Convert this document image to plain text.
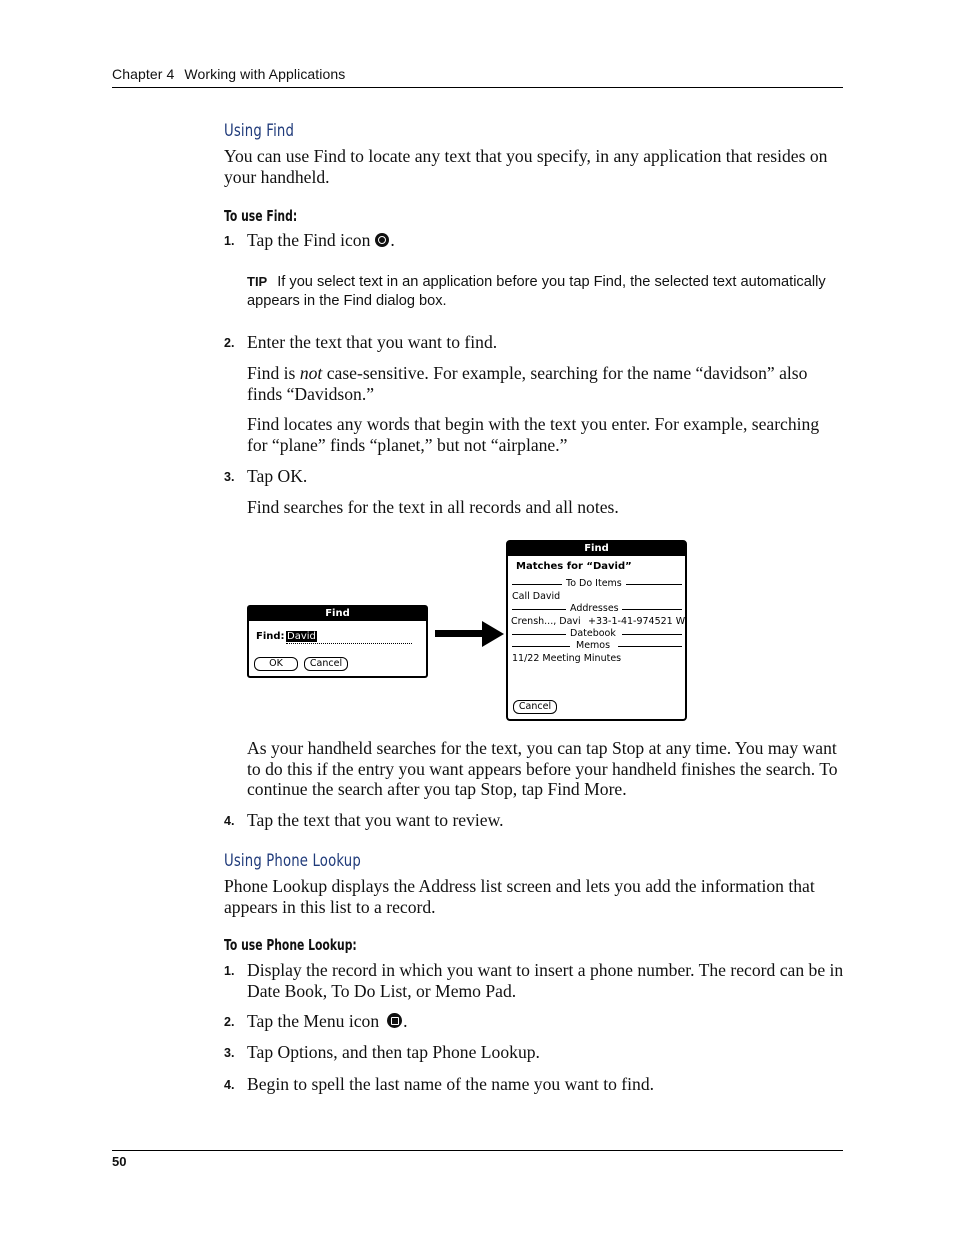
Chapter 4 Working with Applications
Using Find
You can use Find to locate any text that you specify, in any application that resides on your handheld.
To use Find:
1. Tap the Find icon .
TIP If you select text in an application before you tap Find, the selected text automatically appears in the Find dialog box.
2. Enter the text that you want to find.
Find is not case-sensitive. For example, searching for the name “davidson” also finds “Davidson.”
Find locates any words that begin with the text you enter. For example, searching for “plane” finds “planet,” but not “airplane.”
3. Tap OK.
Find searches for the text in all records and all notes.
Find
Find: David
OK	Cancel
Find
Matches for “David”
To Do Items
Call David
Addresses
Crensh..., Davi +33-1-41-974521 W
Datebook
Memos
11/22 Meeting Minutes
Cancel
As your handheld searches for the text, you can tap Stop at any time. You may want to do this if the entry you want appears before your handheld finishes the search. To continue the search after you tap Stop, tap Find More.
4. Tap the text that you want to review.
Using Phone Lookup
Phone Lookup displays the Address list screen and lets you add the information that appears in this list to a record.
To use Phone Lookup:
1. Display the record in which you want to insert a phone number. The record can be in Date Book, To Do List, or Memo Pad.
2. Tap the Menu icon .
3. Tap Options, and then tap Phone Lookup.
4. Begin to spell the last name of the name you want to find.
50
